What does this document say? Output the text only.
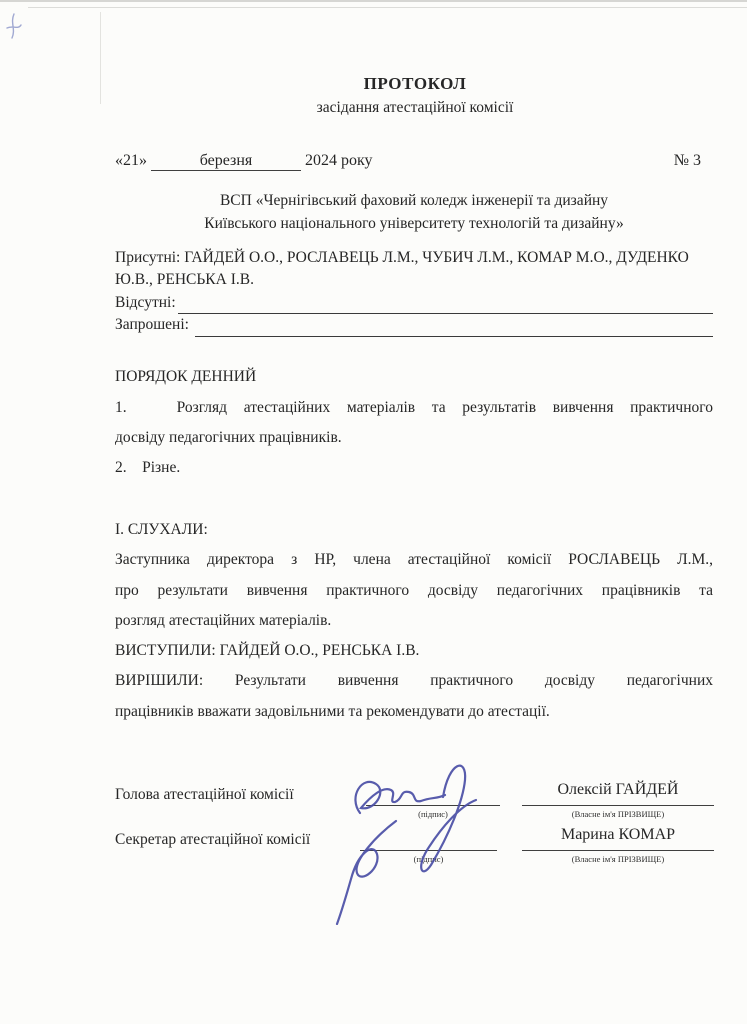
ПРОТОКОЛ
засідання атестаційної комісії
«21»	березня	2024 року	№ 3
ВСП «Чернігівський фаховий коледж інженерії та дизайну
Київського національного університету технологій та дизайну»
Присутні: ГАЙДЕЙ О.О., РОСЛАВЕЦЬ Л.М., ЧУБИЧ Л.М., КОМАР М.О., ДУДЕНКО Ю.В., РЕНСЬКА І.В.
Відсутні:
Запрошені:
ПОРЯДОК ДЕННИЙ
1.   Розгляд атестаційних матеріалів та результатів вивчення практичного
досвіду педагогічних працівників.
2.    Різне.
І. СЛУХАЛИ:
Заступника директора з НР, члена атестаційної комісії РОСЛАВЕЦЬ Л.М.,
про результати вивчення практичного досвіду педагогічних працівників та
розгляд атестаційних матеріалів.
ВИСТУПИЛИ: ГАЙДЕЙ О.О., РЕНСЬКА І.В.
ВИРІШИЛИ: Результати вивчення практичного досвіду педагогічних
працівників вважати задовільними та рекомендувати до атестації.
Голова атестаційної комісії
(підпис)
Олексій ГАЙДЕЙ
(Власне ім'я ПРІЗВИЩЕ)
Секретар атестаційної комісії
(підпис)
Марина КОМАР
(Власне ім'я ПРІЗВИЩЕ)
